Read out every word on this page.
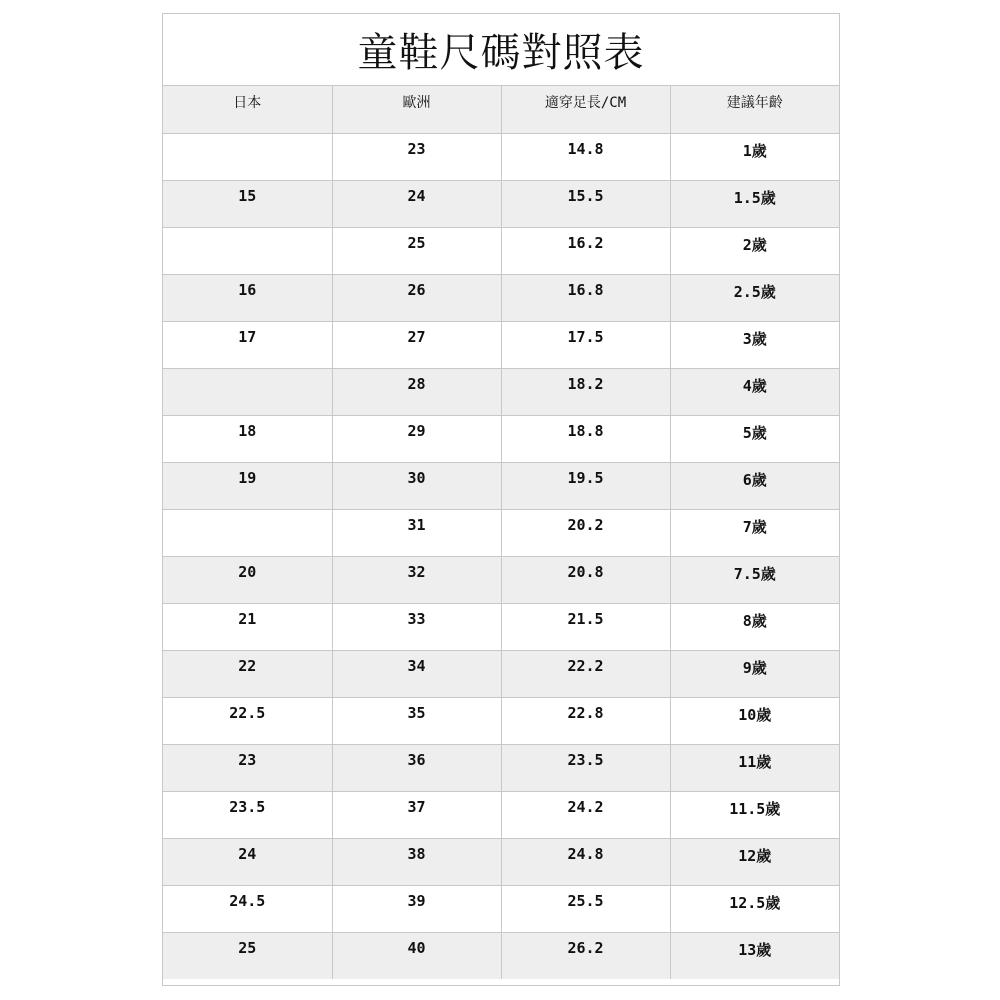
童鞋尺碼對照表
日本	歐洲	適穿足長/CM	建議年齡
	23	14.8	1歲
15	24	15.5	1.5歲
	25	16.2	2歲
16	26	16.8	2.5歲
17	27	17.5	3歲
	28	18.2	4歲
18	29	18.8	5歲
19	30	19.5	6歲
	31	20.2	7歲
20	32	20.8	7.5歲
21	33	21.5	8歲
22	34	22.2	9歲
22.5	35	22.8	10歲
23	36	23.5	11歲
23.5	37	24.2	11.5歲
24	38	24.8	12歲
24.5	39	25.5	12.5歲
25	40	26.2	13歲
